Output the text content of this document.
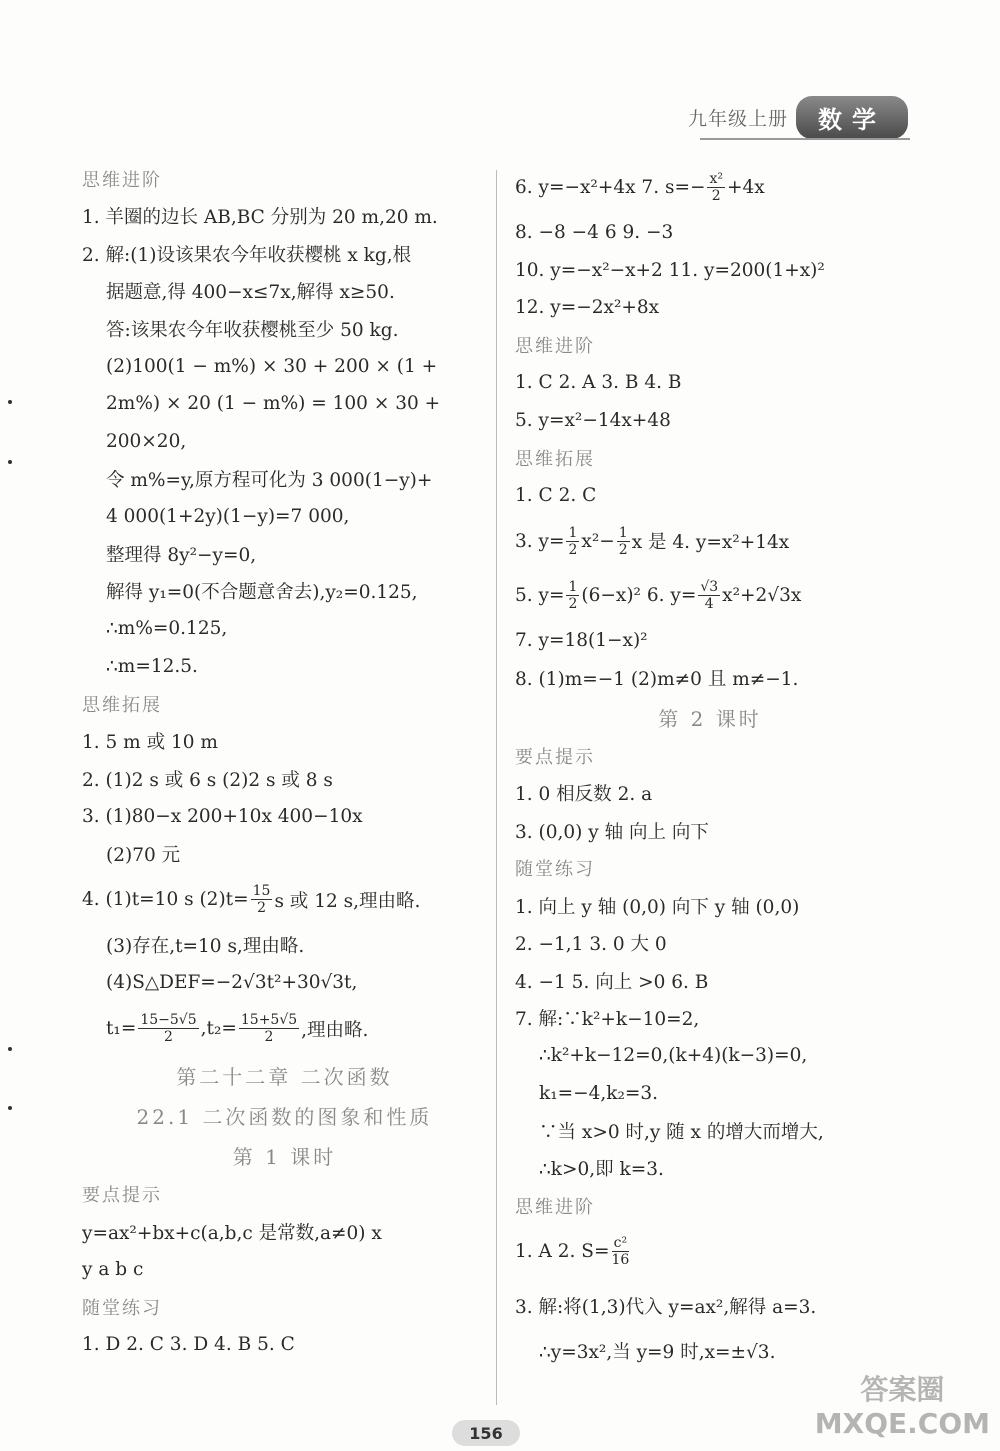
九年级上册	数学
思维进阶
1. 羊圈的边长 AB,BC 分别为 20 m,20 m.
2. 解:(1)设该果农今年收获樱桃 x kg,根
据题意,得 400−x≤7x,解得 x≥50.
答:该果农今年收获樱桃至少 50 kg.
(2)100(1 − m%) × 30 + 200 × (1 +
2m%) × 20 (1 − m%) = 100 × 30 +
200×20,
令 m%=y,原方程可化为 3 000(1−y)+
4 000(1+2y)(1−y)=7 000,
整理得 8y²−y=0,
解得 y₁=0(不合题意舍去),y₂=0.125,
∴m%=0.125,
∴m=12.5.
思维拓展
1. 5 m 或 10 m
2. (1)2 s 或 6 s (2)2 s 或 8 s
3. (1)80−x 200+10x 400−10x
(2)70 元
4. (1)t=10 s $(2)t= \frac{15}{2}$ s 或 12 s,理由略.
(3)存在,t=10 s,理由略.
(4)S△DEF=−2√3t²+30√3t,
$t_1= \frac{15-5√5}{2} ,t_2= \frac{15+5√5}{2}$ ,理由略.
第二十二章 二次函数
22.1 二次函数的图象和性质
第 1 课时
要点提示
y=ax²+bx+c(a,b,c 是常数,a≠0) x
y a b c
随堂练习
1. D 2. C 3. D 4. B 5. C
6. y=−x²+4x 7. $s=- \frac{\text{x²}}{2} +4x$
8. −8 −4 6 9. −3
10. y=−x²−x+2 11. y=200(1+x)²
12. y=−2x²+8x
思维进阶
1. C 2. A 3. B 4. B
5. y=x²−14x+48
思维拓展
1. C 2. C
3. $y= \frac{1}{2} x^2- \frac{1}{2}$ x 是 4. y=x²+14x
5. $y= \frac{1}{2} (6-x)^2$ 6. $y= \frac{√3}{4} x^2+2√3x$
7. y=18(1−x)²
8. (1)m=−1 (2)m≠0 且 m≠−1.
第 2 课时
要点提示
1. 0 相反数 2. a
3. (0,0) y 轴 向上 向下
随堂练习
1. 向上 y 轴 (0,0) 向下 y 轴 (0,0)
2. −1,1 3. 0 大 0
4. −1 5. 向上 >0 6. B
7. 解:∵k²+k−10=2,
∴k²+k−12=0,(k+4)(k−3)=0,
k₁=−4,k₂=3.
∵当 x>0 时,y 随 x 的增大而增大,
∴k>0,即 k=3.
思维进阶
1. A 2. $S= \frac{\text{c²}}{16}$
3. 解:将(1,3)代入 y=ax²,解得 a=3.
∴y=3x²,当 y=9 时,x=±√3.
156
答案圈
MXQE.COM
